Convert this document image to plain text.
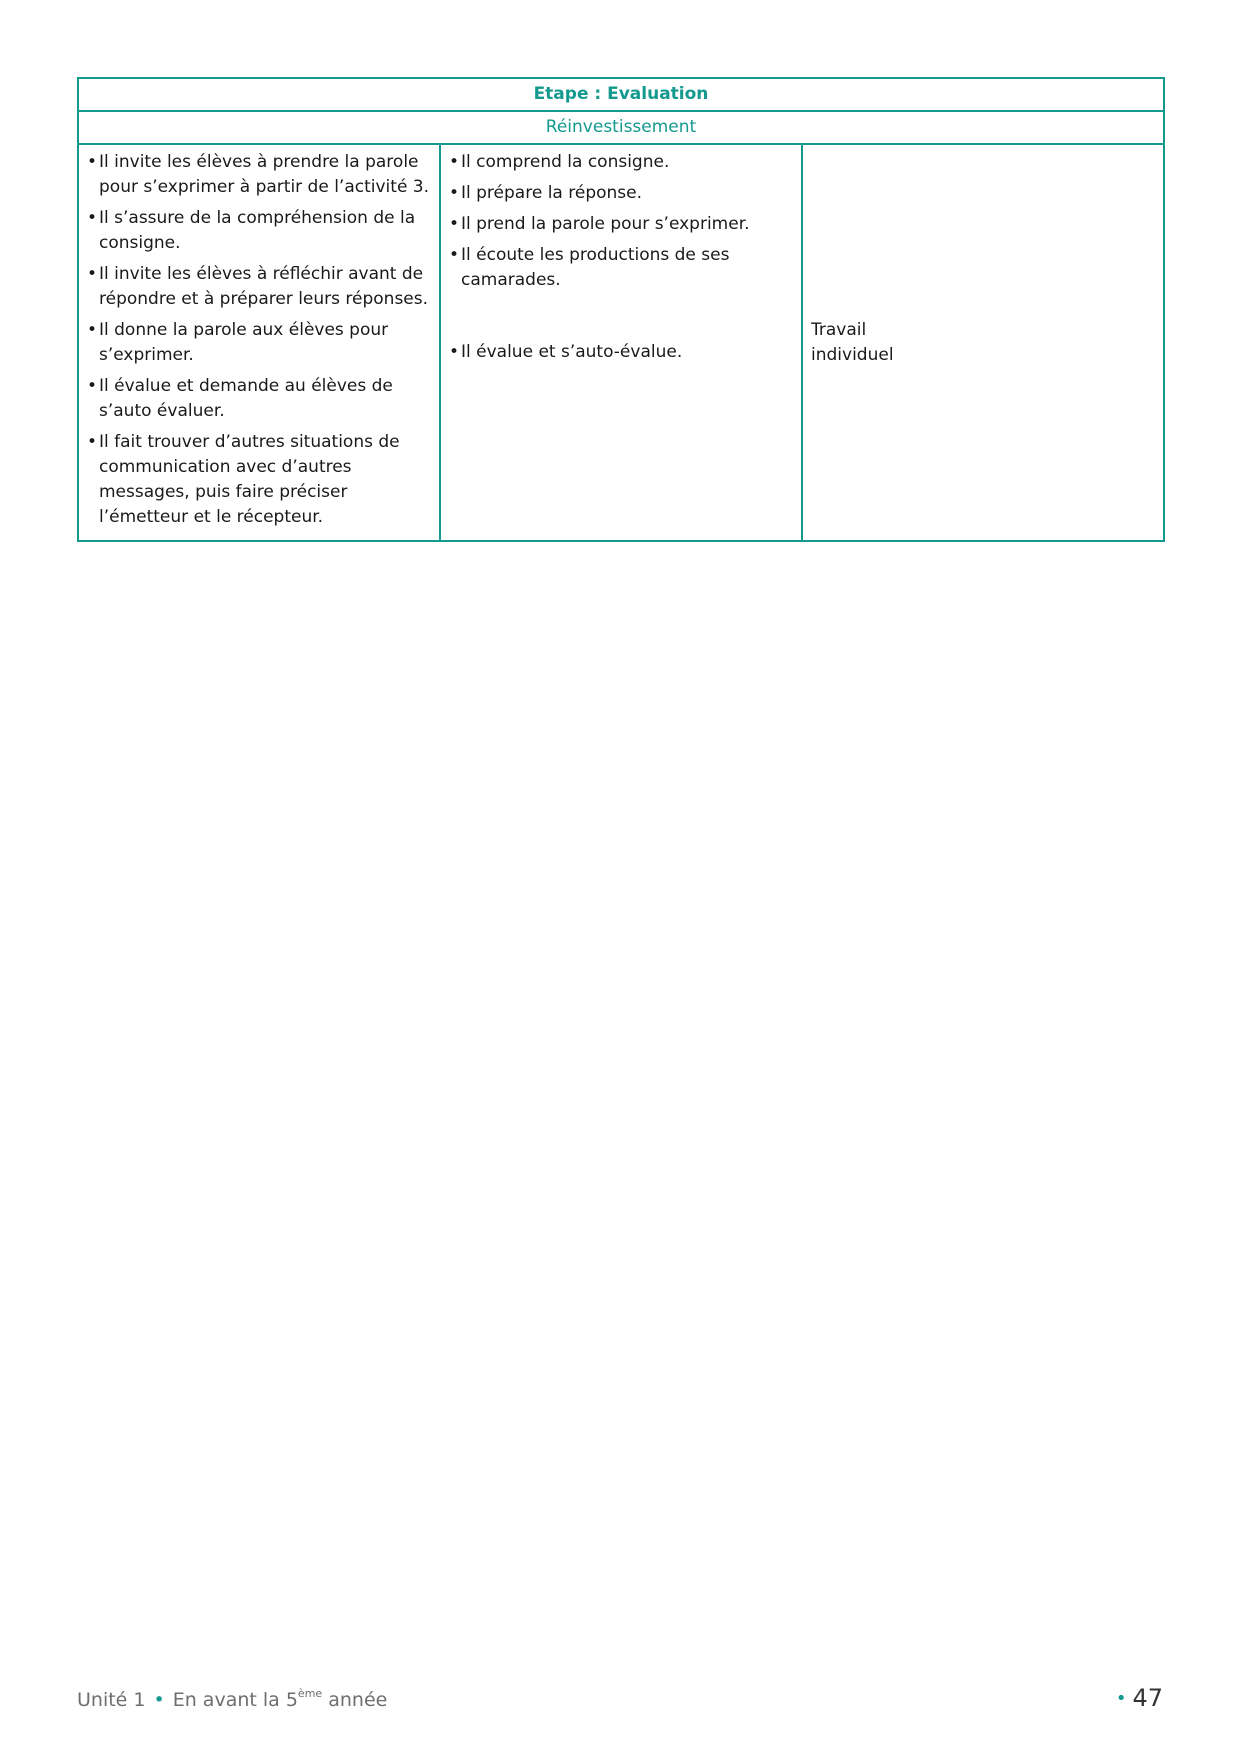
Etape : Evaluation
Réinvestissement

• Il invite les élèves à prendre la parole pour s’exprimer à partir de l’activité 3.
• Il s’assure de la compréhension de la consigne.
• Il invite les élèves à réfléchir avant de répondre et à préparer leurs réponses.
• Il donne la parole aux élèves pour s’exprimer.
• Il évalue et demande au élèves de s’auto évaluer.
• Il fait trouver d’autres situations de communication avec d’autres messages, puis faire préciser l’émetteur et le récepteur.

• Il comprend la consigne.
• Il prépare la réponse.
• Il prend la parole pour s’exprimer.
• Il écoute les productions de ses camarades.
• Il évalue et s’auto-évalue.

Travail
individuel
Unité 1 • En avant la 5ème année	• 47
